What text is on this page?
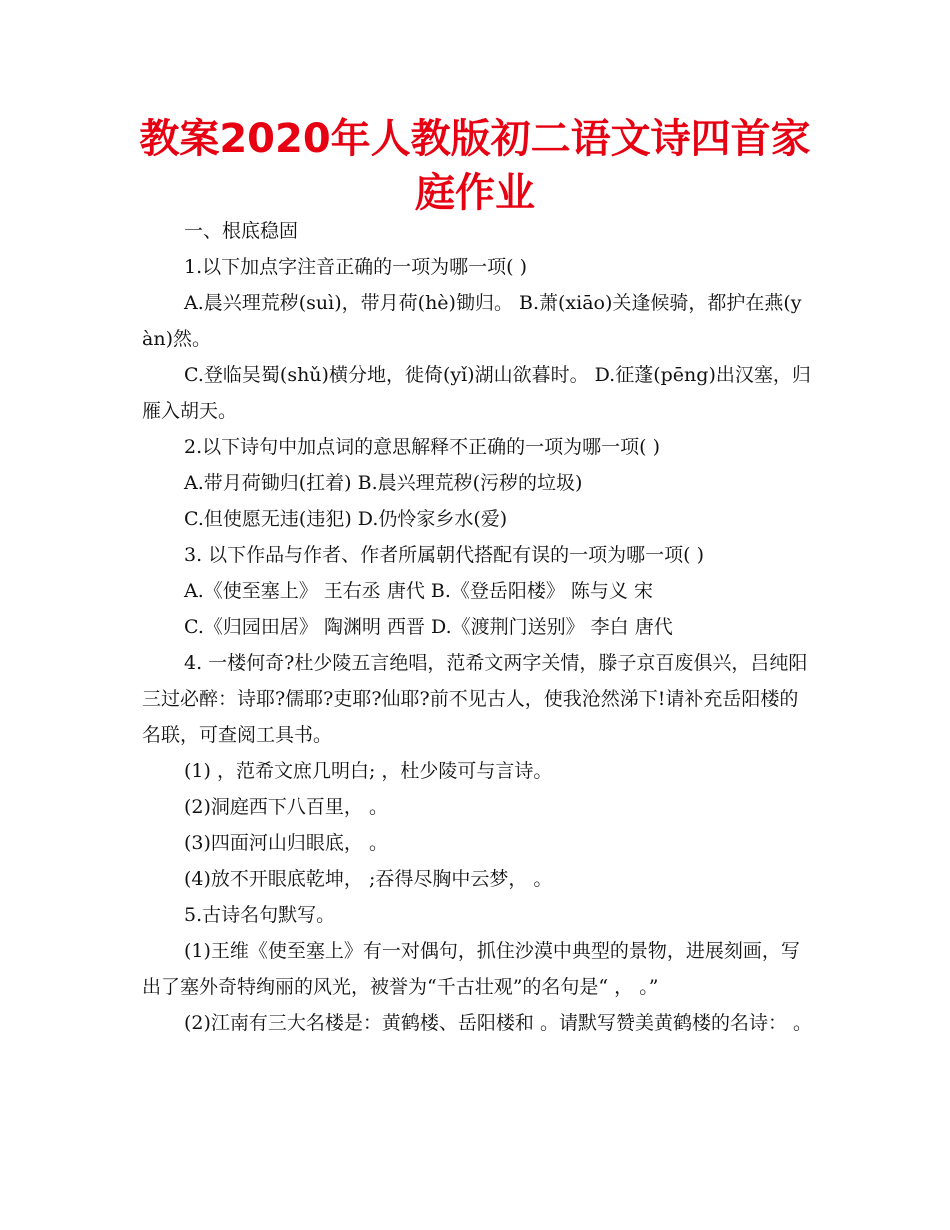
教案2020年人教版初二语文诗四首家庭作业

一、根底稳固

1.以下加点字注音正确的一项为哪一项( )

A.晨兴理荒秽(suì)，带月荷(hè)锄归。 B.萧(xiāo)关逢候骑，都护在燕(yàn)然。

C.登临吴蜀(shǔ)横分地，徙倚(yǐ)湖山欲暮时。 D.征蓬(pēng)出汉塞，归雁入胡天。

2.以下诗句中加点词的意思解释不正确的一项为哪一项( )

A.带月荷锄归(扛着) B.晨兴理荒秽(污秽的垃圾)

C.但使愿无违(违犯) D.仍怜家乡水(爱)

3. 以下作品与作者、作者所属朝代搭配有误的一项为哪一项( )

A.《使至塞上》 王右丞 唐代 B.《登岳阳楼》 陈与义 宋

C.《归园田居》 陶渊明 西晋 D.《渡荆门送别》 李白 唐代

4. 一楼何奇?杜少陵五言绝唱，范希文两字关情，滕子京百废俱兴，吕纯阳三过必醉：诗耶?儒耶?吏耶?仙耶?前不见古人，使我沧然涕下!请补充岳阳楼的名联，可查阅工具书。

(1) ，范希文庶几明白; ，杜少陵可与言诗。

(2)洞庭西下八百里， 。

(3)四面河山归眼底， 。

(4)放不开眼底乾坤， ;吞得尽胸中云梦， 。

5.古诗名句默写。

(1)王维《使至塞上》有一对偶句，抓住沙漠中典型的景物，进展刻画，写出了塞外奇特绚丽的风光，被誉为“千古壮观”的名句是“ ， 。”

(2)江南有三大名楼是：黄鹤楼、岳阳楼和 。请默写赞美黄鹤楼的名诗： 。
